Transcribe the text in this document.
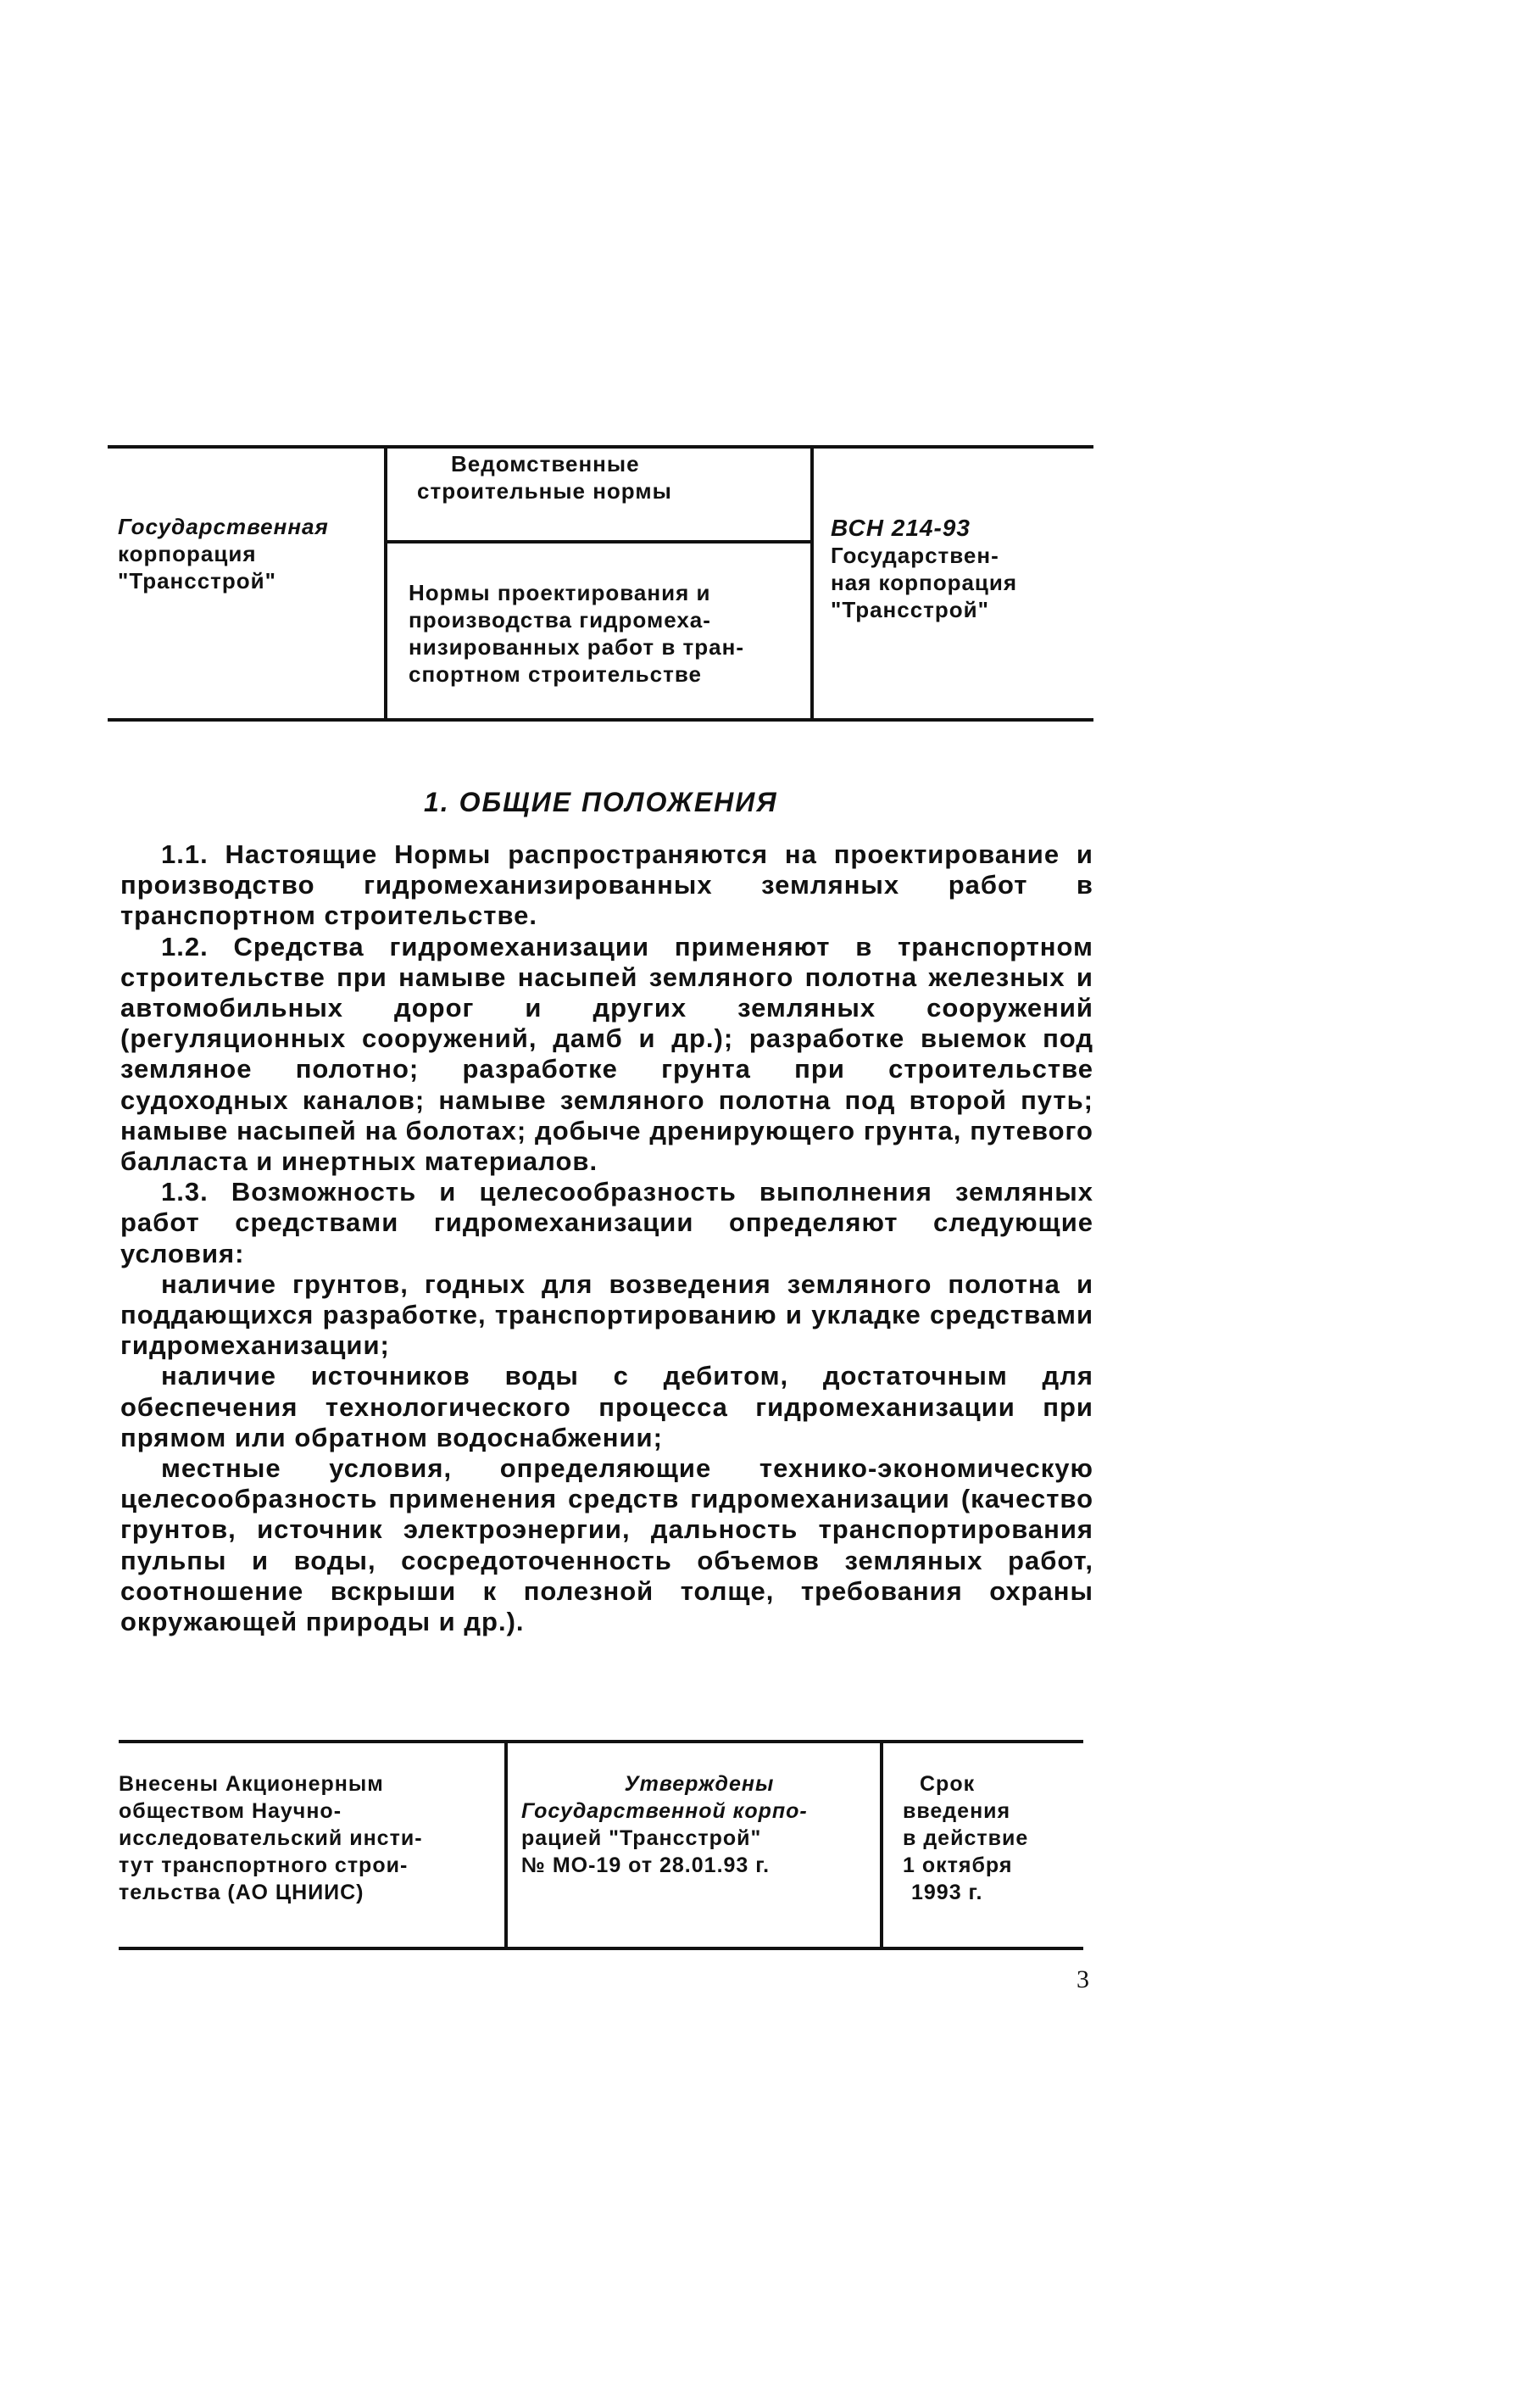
Государственная
корпорация
"Трансстрой"
Ведомственные
строительные нормы
Нормы проектирования и
производства гидромеха-
низированных работ в тран-
спортном строительстве
ВСН 214-93
Государствен-
ная корпорация
"Трансстрой"
1. ОБЩИЕ ПОЛОЖЕНИЯ

1.1. Настоящие Нормы распространяются на проектирование и производство гидромеханизированных земляных работ в транспортном строительстве.

1.2. Средства гидромеханизации применяют в транспортном строительстве при намыве насыпей земляного полотна железных и автомобильных дорог и других земляных сооружений (регуляционных сооружений, дамб и др.); разработке выемок под земляное полотно; разработке грунта при строительстве судоходных каналов; намыве земляного полотна под второй путь; намыве насыпей на болотах; добыче дренирующего грунта, путевого балласта и инертных материалов.

1.3. Возможность и целесообразность выполнения земляных работ средствами гидромеханизации определяют следующие условия:

наличие грунтов, годных для возведения земляного полотна и поддающихся разработке, транспортированию и укладке средствами гидромеханизации;

наличие источников воды с дебитом, достаточным для обеспечения технологического процесса гидромеханизации при прямом или обратном водоснабжении;

местные условия, определяющие технико-экономическую целесообразность применения средств гидромеханизации (качество грунтов, источник электроэнергии, дальность транспортирования пульпы и воды, сосредоточенность объемов земляных работ, соотношение вскрыши к полезной толще, требования охраны окружающей природы и др.).

Внесены Акционерным
обществом Научно-
исследовательский инсти-
тут транспортного строи-
тельства (АО ЦНИИС)
Утверждены
Государственной корпо-
рацией "Трансстрой"
№ МО-19 от 28.01.93 г.
Срок
введения
в действие
1 октября
1993 г.
3
